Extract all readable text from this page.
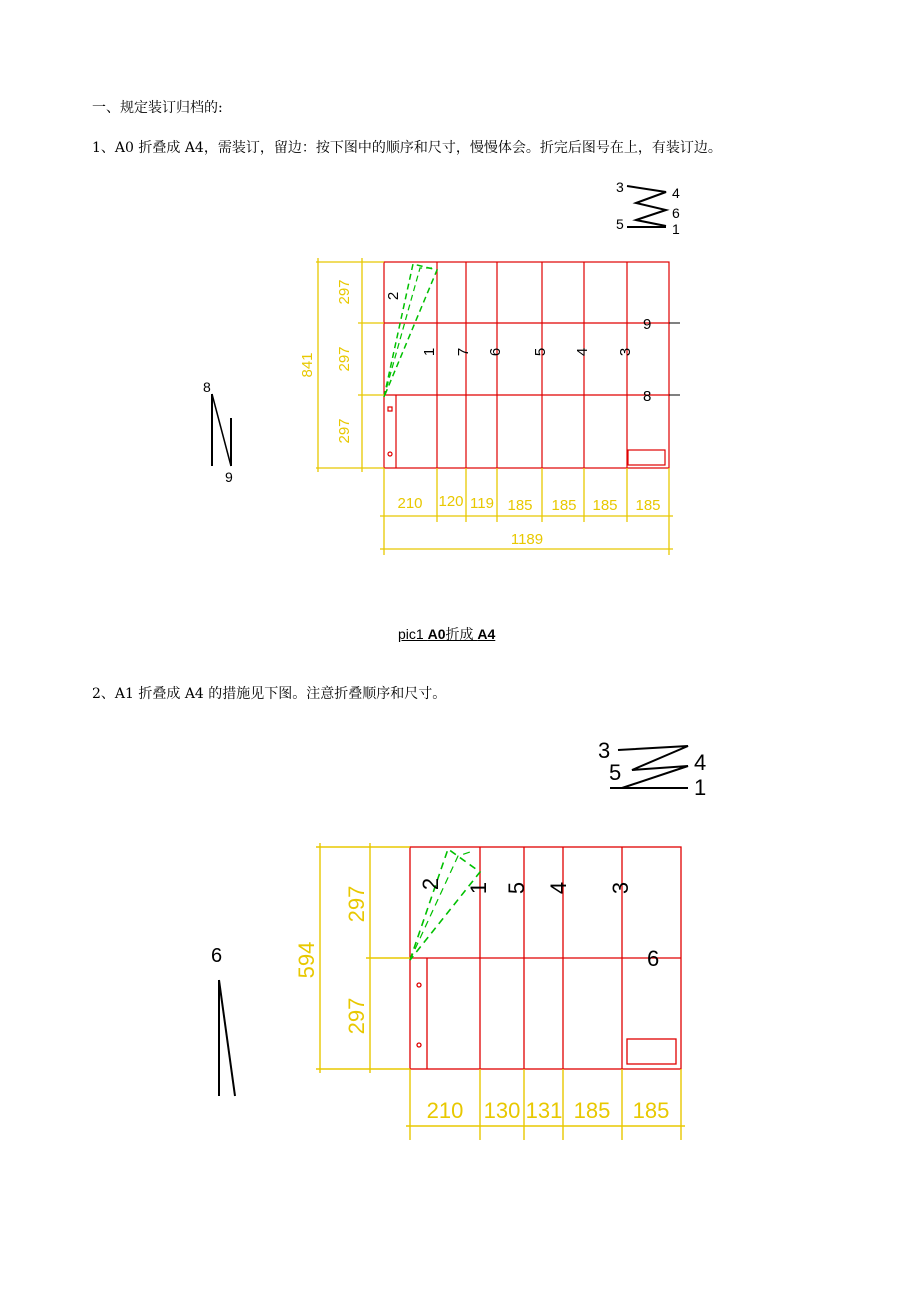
一、规定装订归档的:
1、A0 折叠成 A4，需装订，留边：按下图中的顺序和尺寸，慢慢体会。折完后图号在上，有装订边。
3	4
6
5	1
8
9
2
1 7 6 5 4 3
9
8
297
297
297
841
210 120 119 185 185 185 185
1189
pic1 A0折成 A4
2、A1 折叠成 A4 的措施见下图。注意折叠顺序和尺寸。
3	4
5
1
6
2 1 5 4 3
6
297
297
594
210 130 131 185 185
